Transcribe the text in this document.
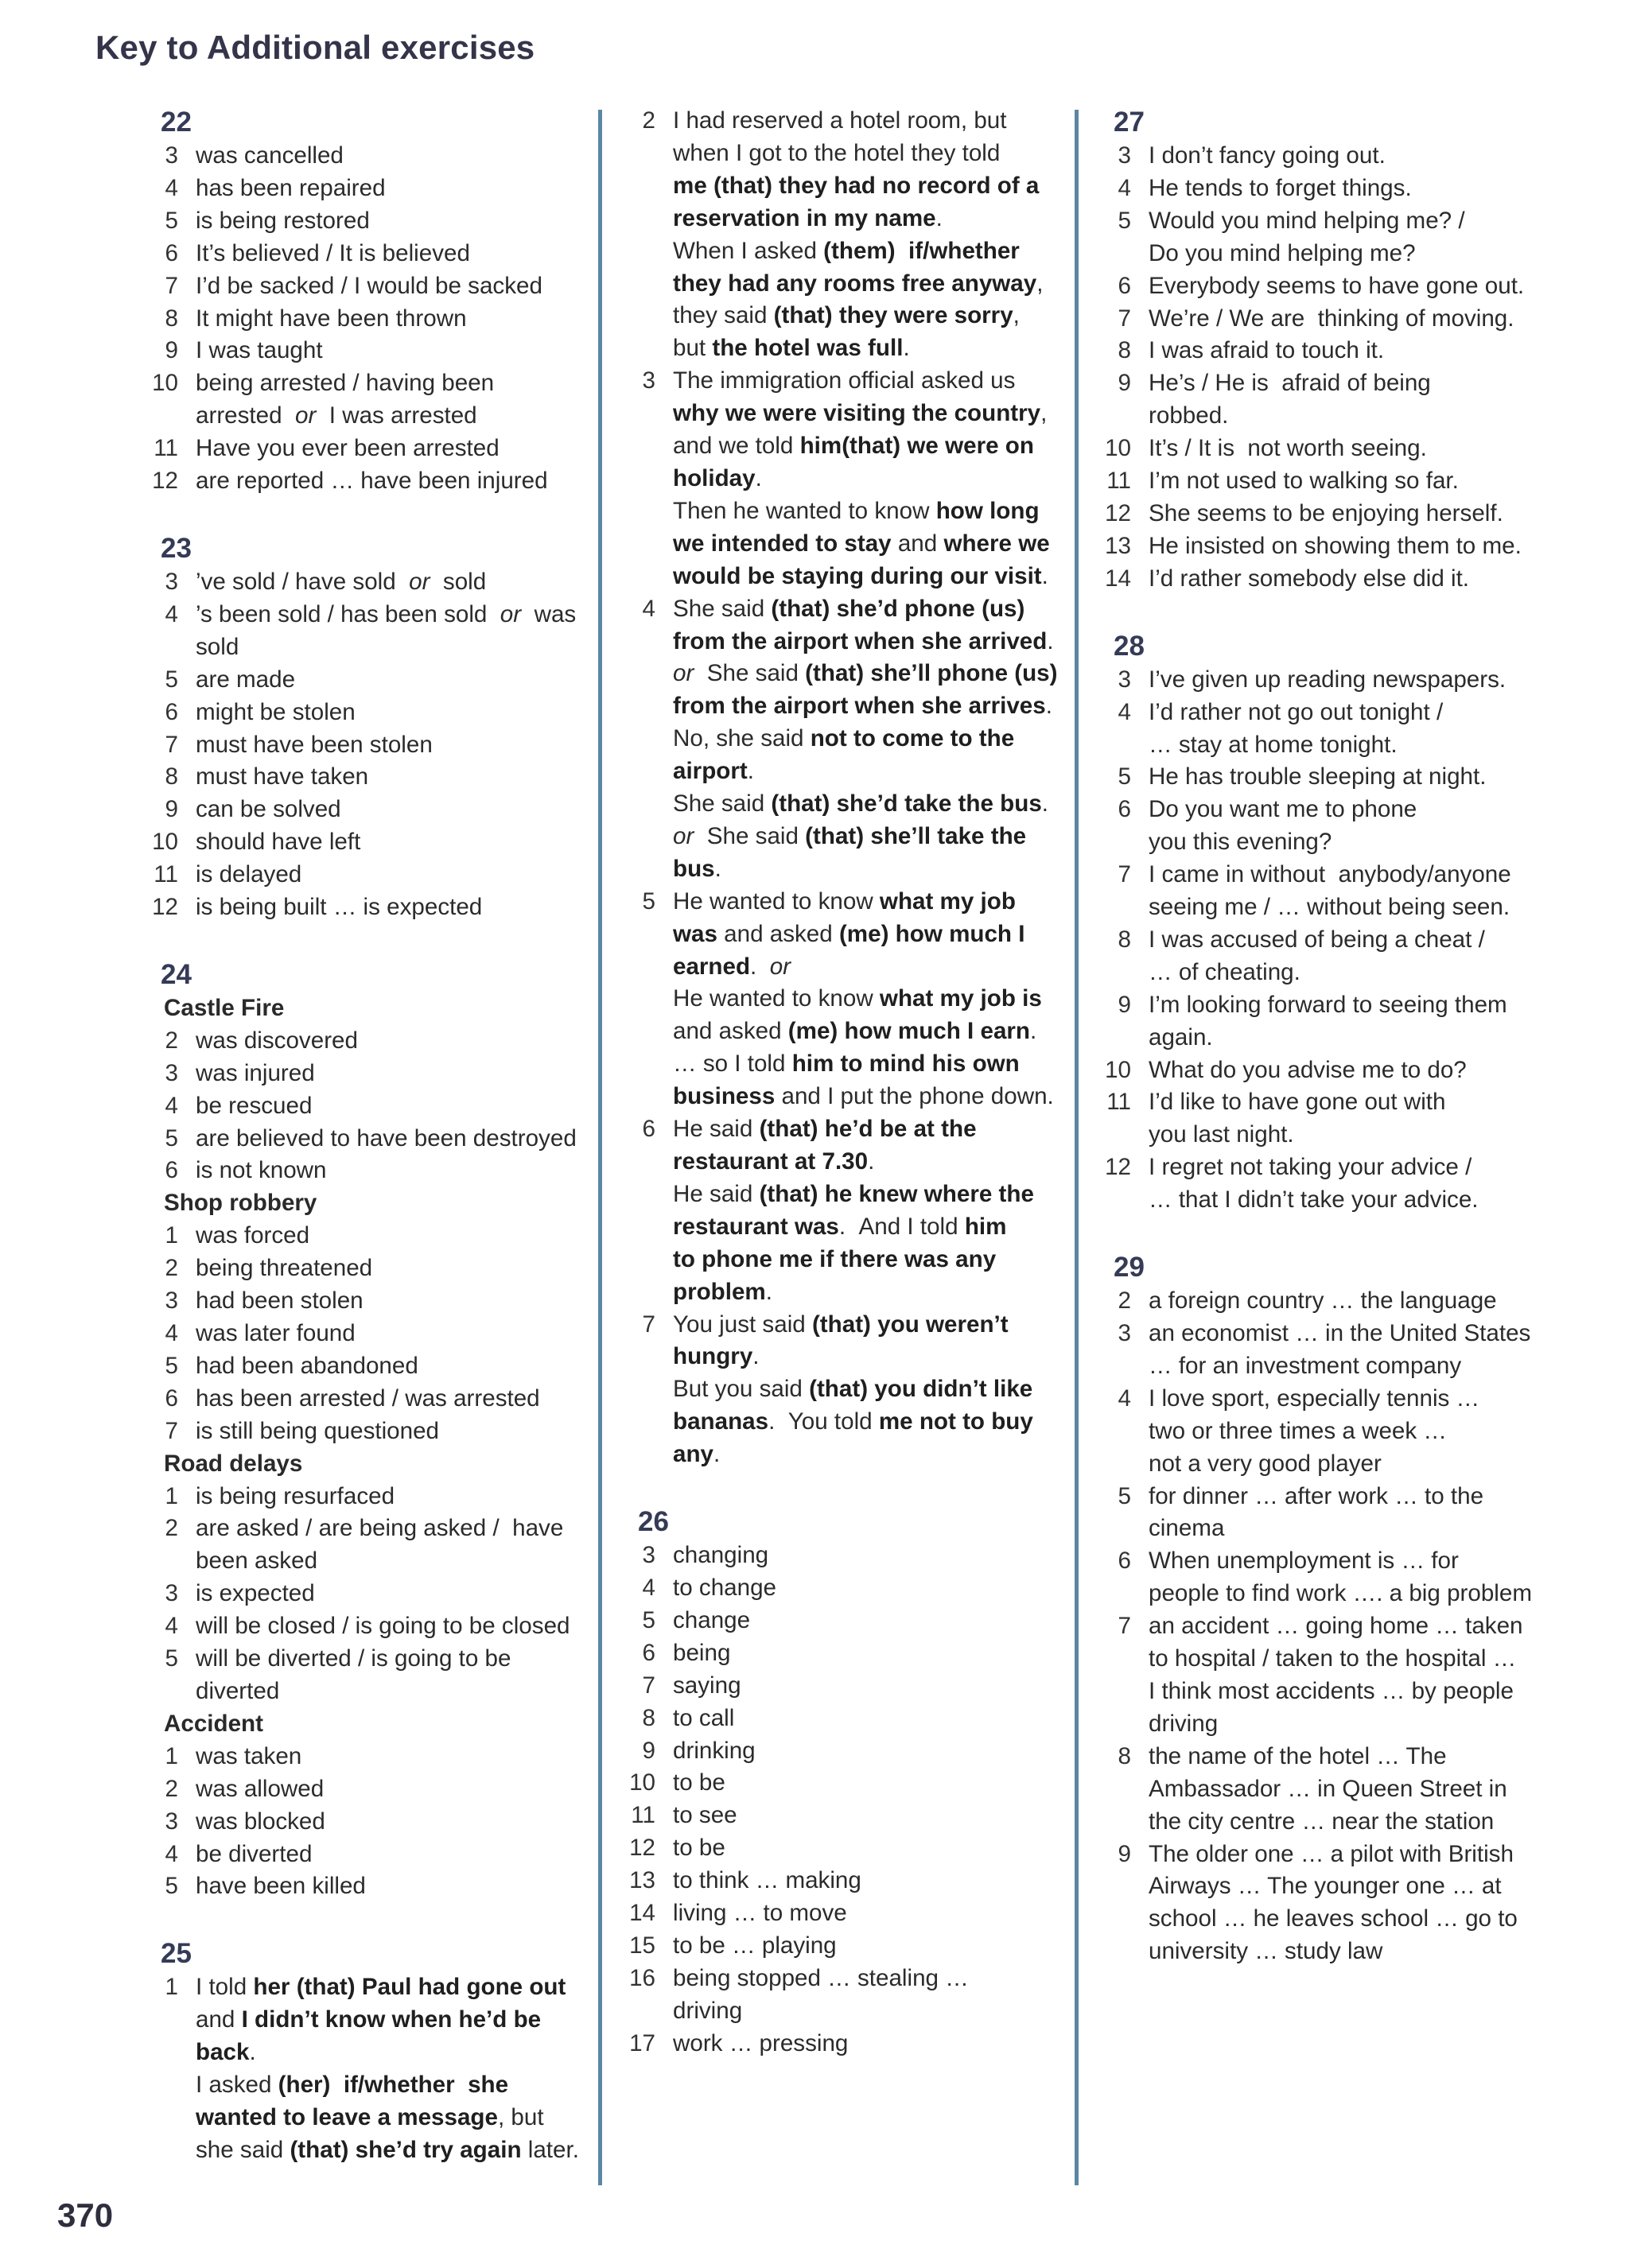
Key to Additional exercises
22
3 was cancelled
4 has been repaired
5 is being restored
6 It’s believed / It is believed
7 I’d be sacked / I would be sacked
8 It might have been thrown
9 I was taught
10 being arrested / having been
arrested  or  I was arrested
11 Have you ever been arrested
12 are reported … have been injured
23
3 ’ve sold / have sold  or  sold
4 ’s been sold / has been sold  or  was
sold
5 are made
6 might be stolen
7 must have been stolen
8 must have taken
9 can be solved
10 should have left
11 is delayed
12 is being built … is expected
24
Castle Fire
2 was discovered
3 was injured
4 be rescued
5 are believed to have been destroyed
6 is not known
Shop robbery
1 was forced
2 being threatened
3 had been stolen
4 was later found
5 had been abandoned
6 has been arrested / was arrested
7 is still being questioned
Road delays
1 is being resurfaced
2 are asked / are being asked /  have
been asked
3 is expected
4 will be closed / is going to be closed
5 will be diverted / is going to be
diverted
Accident
1 was taken
2 was allowed
3 was blocked
4 be diverted
5 have been killed
25
1 I told her (that) Paul had gone out
and I didn’t know when he’d be
back.
I asked (her) if/whether she
wanted to leave a message, but
she said (that) she’d try again later.
2 I had reserved a hotel room, but
when I got to the hotel they told
me (that) they had no record of a
reservation in my name.
When I asked (them) if/whether
they had any rooms free anyway,
they said (that) they were sorry,
but the hotel was full.
3 The immigration official asked us
why we were visiting the country,
and we told him(that) we were on
holiday.
Then he wanted to know how long
we intended to stay and where we
would be staying during our visit.
4 She said (that) she’d phone (us)
from the airport when she arrived.
or  She said (that) she’ll phone (us)
from the airport when she arrives.
No, she said not to come to the
airport.
She said (that) she’d take the bus.
or  She said (that) she’ll take the
bus.
5 He wanted to know what my job
was and asked (me) how much I
earned.  or
He wanted to know what my job is
and asked (me) how much I earn.
… so I told him to mind his own
business and I put the phone down.
6 He said (that) he’d be at the
restaurant at 7.30.
He said (that) he knew where the
restaurant was.  And I told him
to phone me if there was any
problem.
7 You just said (that) you weren’t
hungry.
But you said (that) you didn’t like
bananas.  You told me not to buy
any.
26
3 changing
4 to change
5 change
6 being
7 saying
8 to call
9 drinking
10 to be
11 to see
12 to be
13 to think … making
14 living … to move
15 to be … playing
16 being stopped … stealing …
driving
17 work … pressing
27
3 I don’t fancy going out.
4 He tends to forget things.
5 Would you mind helping me? /
Do you mind helping me?
6 Everybody seems to have gone out.
7 We’re / We are  thinking of moving.
8 I was afraid to touch it.
9 He’s / He is  afraid of being
robbed.
10 It’s / It is  not worth seeing.
11 I’m not used to walking so far.
12 She seems to be enjoying herself.
13 He insisted on showing them to me.
14 I’d rather somebody else did it.
28
3 I’ve given up reading newspapers.
4 I’d rather not go out tonight /
… stay at home tonight.
5 He has trouble sleeping at night.
6 Do you want me to phone
you this evening?
7 I came in without  anybody/anyone
seeing me / … without being seen.
8 I was accused of being a cheat /
… of cheating.
9 I’m looking forward to seeing them
again.
10 What do you advise me to do?
11 I’d like to have gone out with
you last night.
12 I regret not taking your advice /
… that I didn’t take your advice.
29
2 a foreign country … the language
3 an economist … in the United States
… for an investment company
4 I love sport, especially tennis …
two or three times a week …
not a very good player
5 for dinner … after work … to the
cinema
6 When unemployment is … for
people to find work …. a big problem
7 an accident … going home … taken
to hospital / taken to the hospital …
I think most accidents … by people
driving
8 the name of the hotel … The
Ambassador … in Queen Street in
the city centre … near the station
9 The older one … a pilot with British
Airways … The younger one … at
school … he leaves school … go to
university … study law
370
